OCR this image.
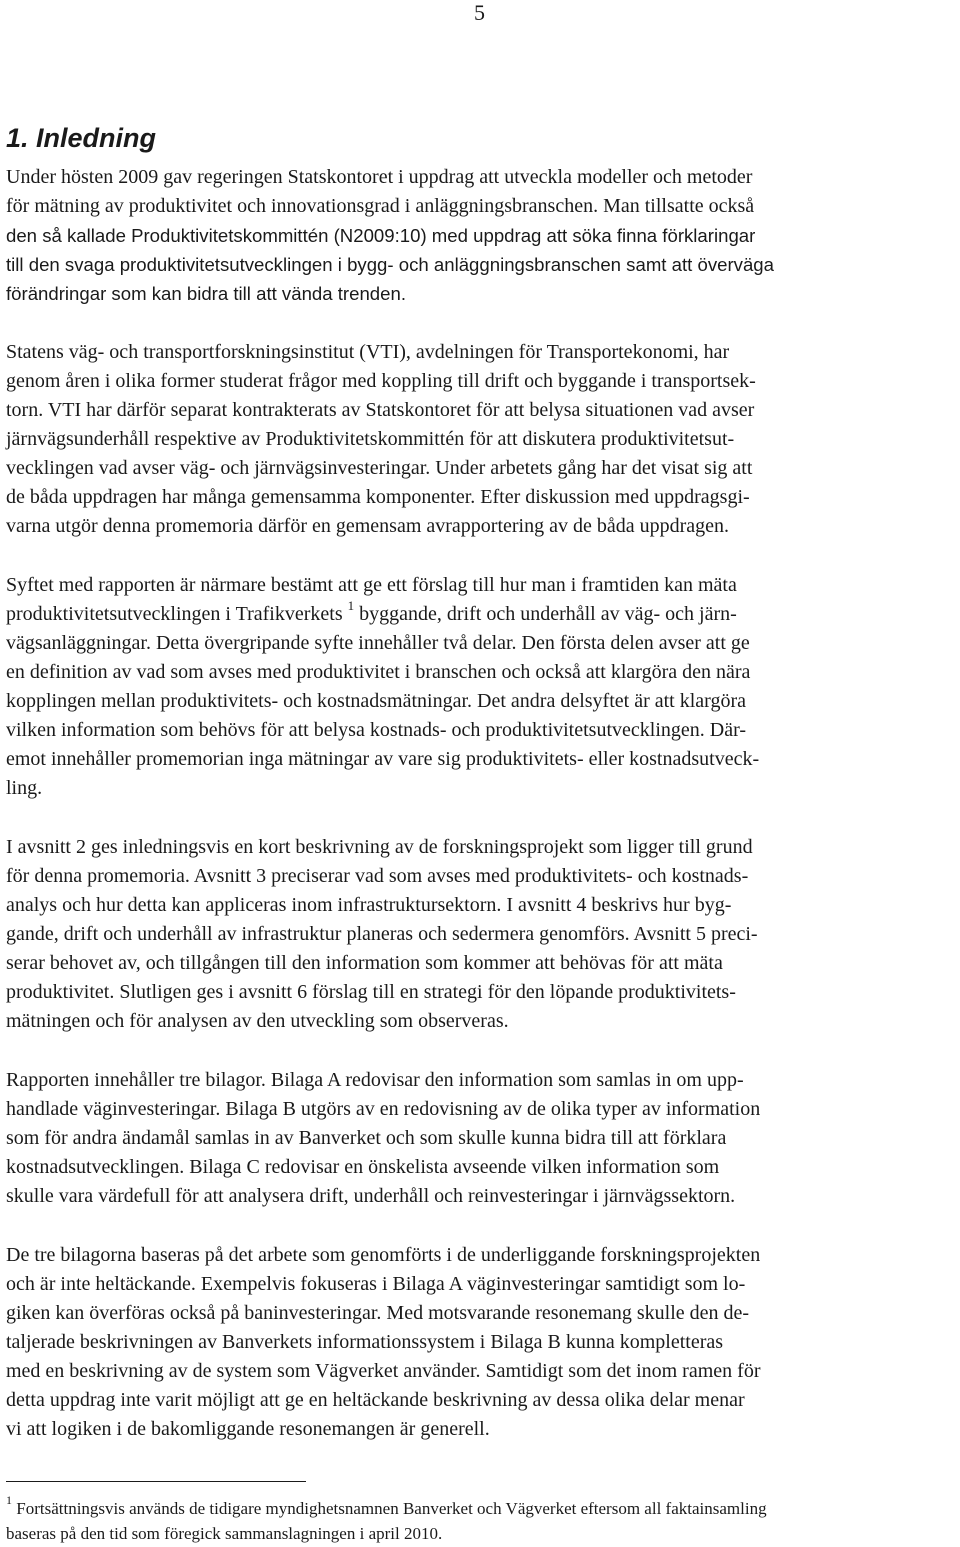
5
1. Inledning

Under hösten 2009 gav regeringen Statskontoret i uppdrag att utveckla modeller och metoder
för mätning av produktivitet och innovationsgrad i anläggningsbranschen. Man tillsatte också
den så kallade Produktivitetskommittén (N2009:10) med uppdrag att söka finna förklaringar
till den svaga produktivitetsutvecklingen i bygg- och anläggningsbranschen samt att överväga
förändringar som kan bidra till att vända trenden.

Statens väg- och transportforskningsinstitut (VTI), avdelningen för Transportekonomi, har
genom åren i olika former studerat frågor med koppling till drift och byggande i transportsek-
torn. VTI har därför separat kontrakterats av Statskontoret för att belysa situationen vad avser
järnvägsunderhåll respektive av Produktivitetskommittén för att diskutera produktivitetsut-
vecklingen vad avser väg- och järnvägsinvesteringar. Under arbetets gång har det visat sig att
de båda uppdragen har många gemensamma komponenter. Efter diskussion med uppdragsgi-
varna utgör denna promemoria därför en gemensam avrapportering av de båda uppdragen.

Syftet med rapporten är närmare bestämt att ge ett förslag till hur man i framtiden kan mäta
produktivitetsutvecklingen i Trafikverkets $^1$ byggande, drift och underhåll av väg- och järn-
vägsanläggningar. Detta övergripande syfte innehåller två delar. Den första delen avser att ge
en definition av vad som avses med produktivitet i branschen och också att klargöra den nära
kopplingen mellan produktivitets- och kostnadsmätningar. Det andra delsyftet är att klargöra
vilken information som behövs för att belysa kostnads- och produktivitetsutvecklingen. Där-
emot innehåller promemorian inga mätningar av vare sig produktivitets- eller kostnadsutveck-
ling.

I avsnitt 2 ges inledningsvis en kort beskrivning av de forskningsprojekt som ligger till grund
för denna promemoria. Avsnitt 3 preciserar vad som avses med produktivitets- och kostnads-
analys och hur detta kan appliceras inom infrastruktursektorn. I avsnitt 4 beskrivs hur byg-
gande, drift och underhåll av infrastruktur planeras och sedermera genomförs. Avsnitt 5 preci-
serar behovet av, och tillgången till den information som kommer att behövas för att mäta
produktivitet. Slutligen ges i avsnitt 6 förslag till en strategi för den löpande produktivitets-
mätningen och för analysen av den utveckling som observeras.

Rapporten innehåller tre bilagor. Bilaga A redovisar den information som samlas in om upp-
handlade väginvesteringar. Bilaga B utgörs av en redovisning av de olika typer av information
som för andra ändamål samlas in av Banverket och som skulle kunna bidra till att förklara
kostnadsutvecklingen. Bilaga C redovisar en önskelista avseende vilken information som
skulle vara värdefull för att analysera drift, underhåll och reinvesteringar i järnvägssektorn.

De tre bilagorna baseras på det arbete som genomförts i de underliggande forskningsprojekten
och är inte heltäckande. Exempelvis fokuseras i Bilaga A väginvesteringar samtidigt som lo-
giken kan överföras också på baninvesteringar. Med motsvarande resonemang skulle den de-
taljerade beskrivningen av Banverkets informationssystem i Bilaga B kunna kompletteras
med en beskrivning av de system som Vägverket använder. Samtidigt som det inom ramen för
detta uppdrag inte varit möjligt att ge en heltäckande beskrivning av dessa olika delar menar
vi att logiken i de bakomliggande resonemangen är generell.

$^1$ Fortsättningsvis används de tidigare myndighetsnamnen Banverket och Vägverket eftersom all faktainsamling
baseras på den tid som föregick sammanslagningen i april 2010.
